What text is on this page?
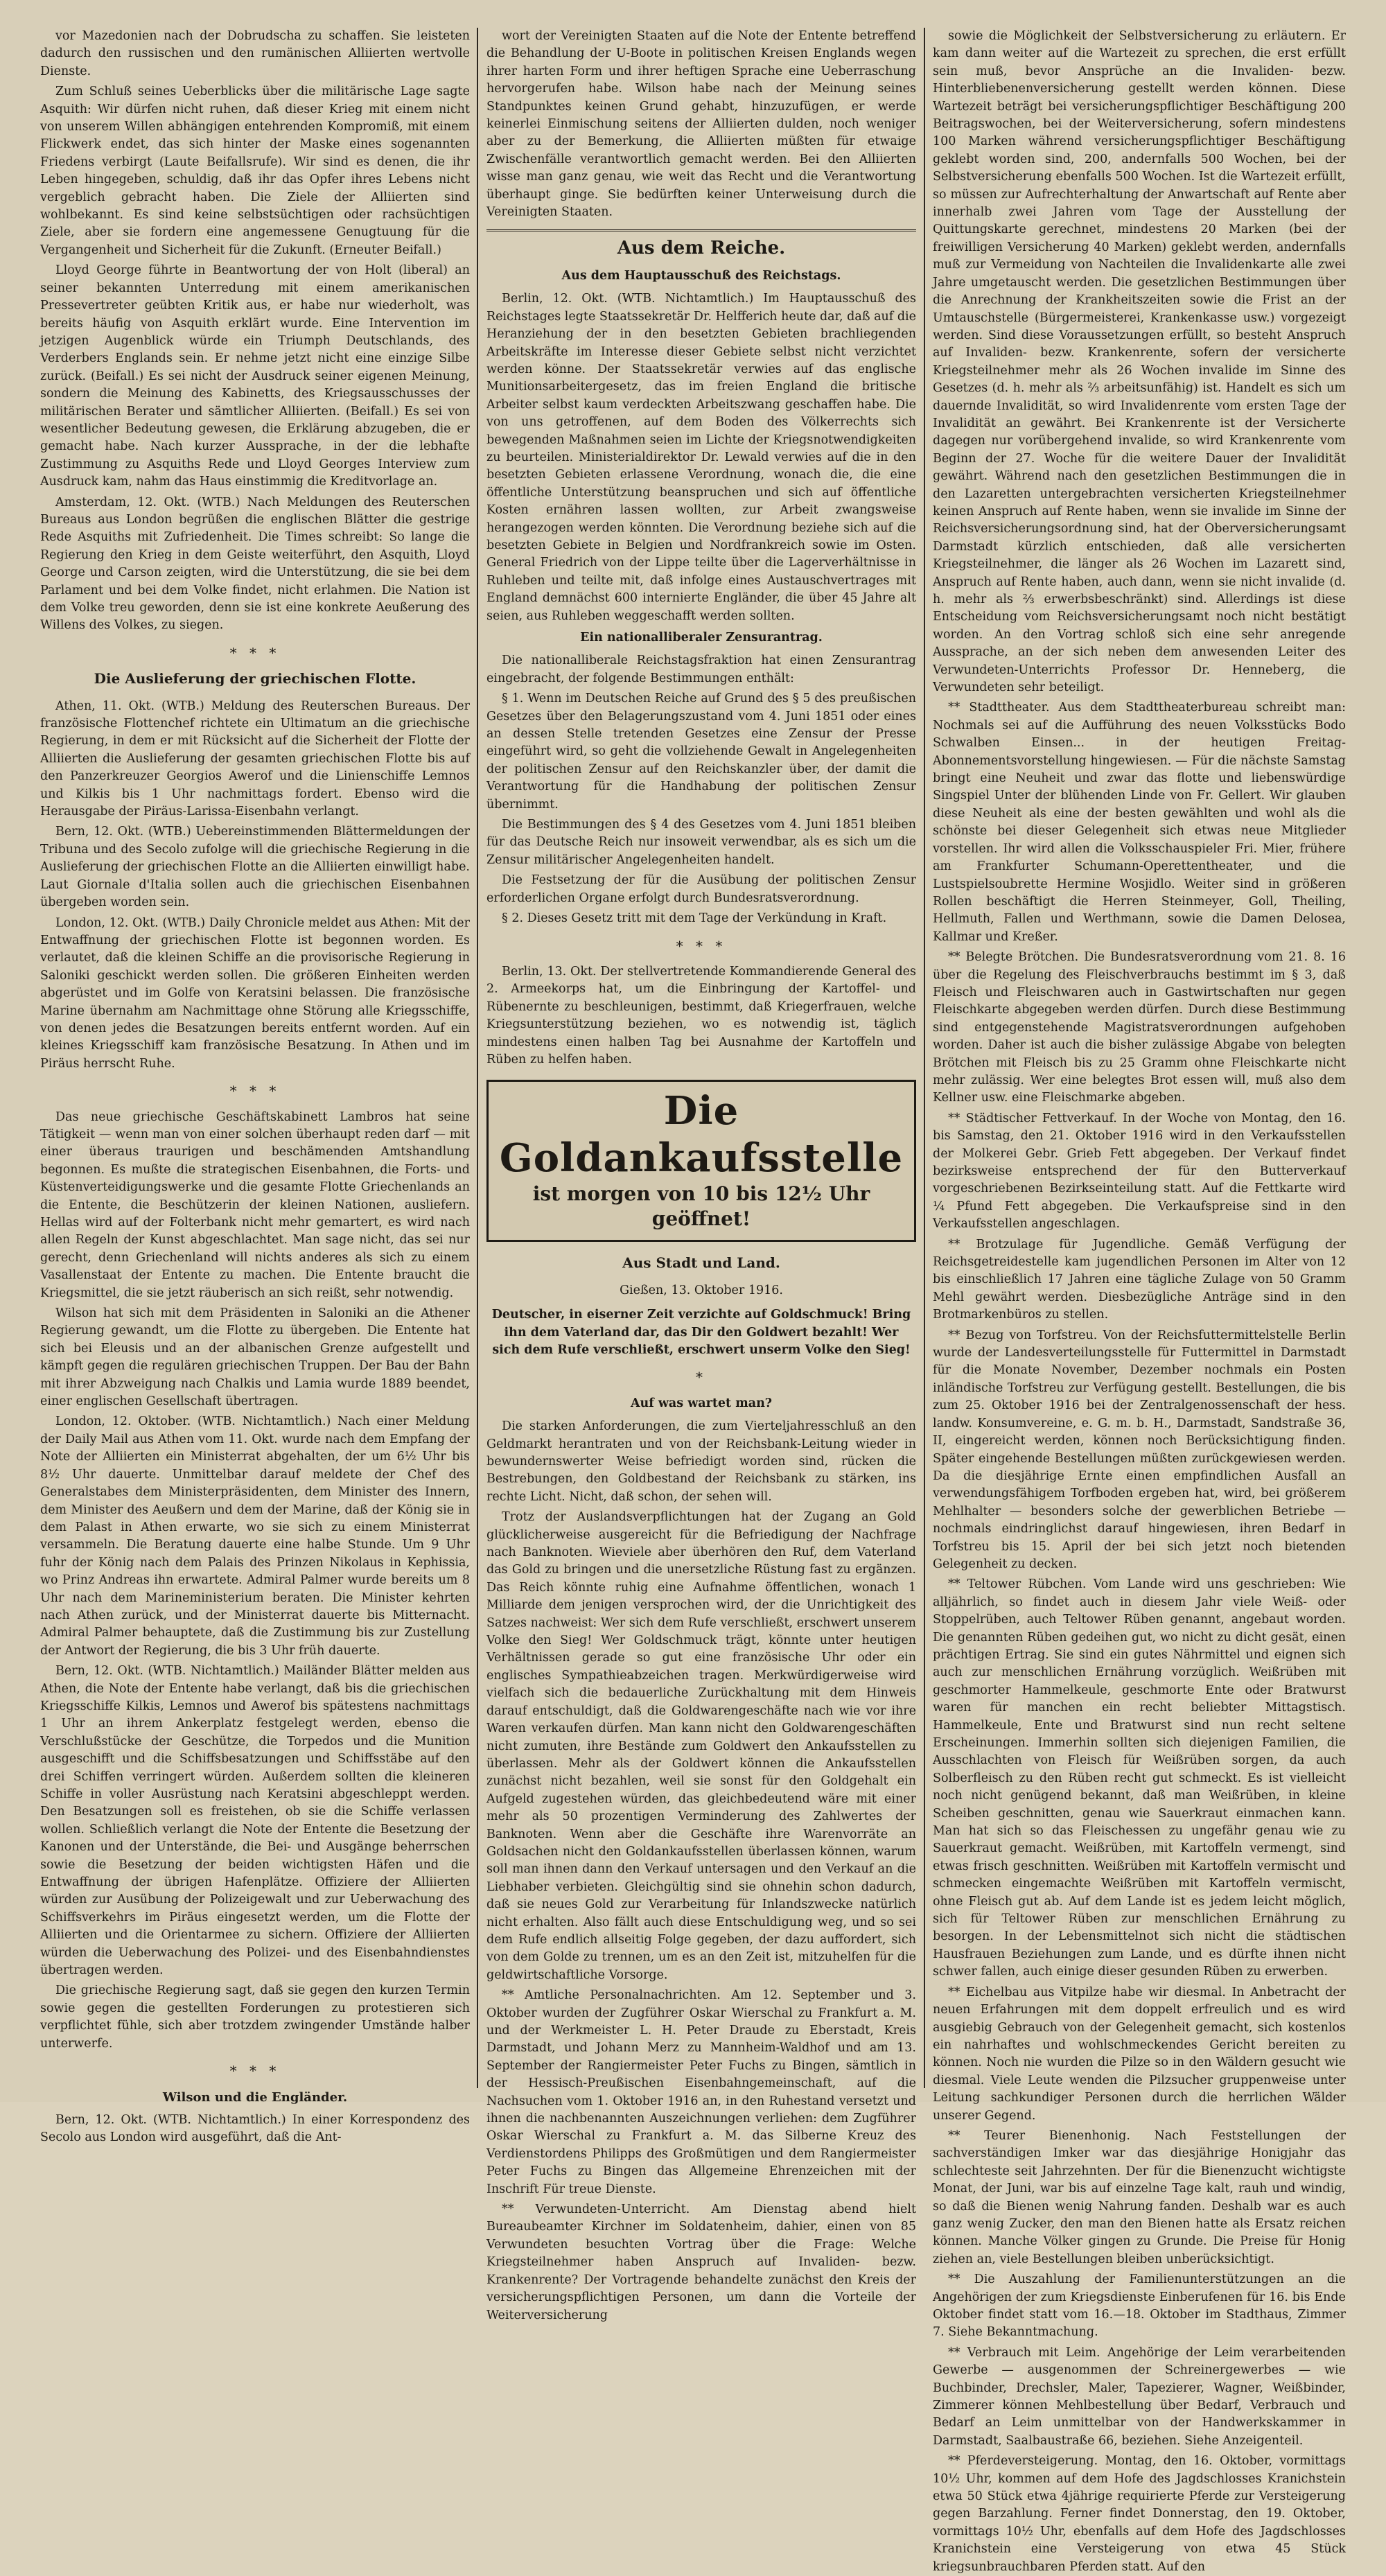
vor Mazedonien nach der Dobrudscha zu schaffen. Sie leisteten dadurch den russischen und den rumänischen Alliierten wertvolle Dienste.

Zum Schluß seines Ueberblicks über die militärische Lage sagte Asquith: Wir dürfen nicht ruhen, daß dieser Krieg mit einem nicht von unserem Willen abhängigen entehrenden Kompromiß, mit einem Flickwerk endet, das sich hinter der Maske eines sogenannten Friedens verbirgt (Laute Beifallsrufe). Wir sind es denen, die ihr Leben hingegeben, schuldig, daß ihr das Opfer ihres Lebens nicht vergeblich gebracht haben. Die Ziele der Alliierten sind wohlbekannt. Es sind keine selbstsüchtigen oder rachsüchtigen Ziele, aber sie fordern eine angemessene Genugtuung für die Vergangenheit und Sicherheit für die Zukunft. (Erneuter Beifall.)

Lloyd George führte in Beantwortung der von Holt (liberal) an seiner bekannten Unterredung mit einem amerikanischen Pressevertreter geübten Kritik aus, er habe nur wiederholt, was bereits häufig von Asquith erklärt wurde. Eine Intervention im jetzigen Augenblick würde ein Triumph Deutschlands, des Verderbers Englands sein. Er nehme jetzt nicht eine einzige Silbe zurück. (Beifall.) Es sei nicht der Ausdruck seiner eigenen Meinung, sondern die Meinung des Kabinetts, des Kriegsausschusses der militärischen Berater und sämtlicher Alliierten. (Beifall.) Es sei von wesentlicher Bedeutung gewesen, die Erklärung abzugeben, die er gemacht habe. Nach kurzer Aussprache, in der die lebhafte Zustimmung zu Asquiths Rede und Lloyd Georges Interview zum Ausdruck kam, nahm das Haus einstimmig die Kreditvorlage an.

Amsterdam, 12. Okt. (WTB.) Nach Meldungen des Reuterschen Bureaus aus London begrüßen die englischen Blätter die gestrige Rede Asquiths mit Zufriedenheit. Die Times schreibt: So lange die Regierung den Krieg in dem Geiste weiterführt, den Asquith, Lloyd George und Carson zeigten, wird die Unterstützung, die sie bei dem Parlament und bei dem Volke findet, nicht erlahmen. Die Nation ist dem Volke treu geworden, denn sie ist eine konkrete Aeußerung des Willens des Volkes, zu siegen.

* * *
Die Auslieferung der griechischen Flotte.

Athen, 11. Okt. (WTB.) Meldung des Reuterschen Bureaus. Der französische Flottenchef richtete ein Ultimatum an die griechische Regierung, in dem er mit Rücksicht auf die Sicherheit der Flotte der Alliierten die Auslieferung der gesamten griechischen Flotte bis auf den Panzerkreuzer Georgios Awerof und die Linienschiffe Lemnos und Kilkis bis 1 Uhr nachmittags fordert. Ebenso wird die Herausgabe der Piräus-Larissa-Eisenbahn verlangt.

Bern, 12. Okt. (WTB.) Uebereinstimmenden Blättermeldungen der Tribuna und des Secolo zufolge will die griechische Regierung in die Auslieferung der griechischen Flotte an die Alliierten einwilligt habe. Laut Giornale d'Italia sollen auch die griechischen Eisenbahnen übergeben worden sein.

London, 12. Okt. (WTB.) Daily Chronicle meldet aus Athen: Mit der Entwaffnung der griechischen Flotte ist begonnen worden. Es verlautet, daß die kleinen Schiffe an die provisorische Regierung in Saloniki geschickt werden sollen. Die größeren Einheiten werden abgerüstet und im Golfe von Keratsini belassen. Die französische Marine übernahm am Nachmittage ohne Störung alle Kriegsschiffe, von denen jedes die Besatzungen bereits entfernt worden. Auf ein kleines Kriegsschiff kam französische Besatzung. In Athen und im Piräus herrscht Ruhe.

* * *

Das neue griechische Geschäftskabinett Lambros hat seine Tätigkeit — wenn man von einer solchen überhaupt reden darf — mit einer überaus traurigen und beschämenden Amtshandlung begonnen. Es mußte die strategischen Eisenbahnen, die Forts- und Küstenverteidigungswerke und die gesamte Flotte Griechenlands an die Entente, die Beschützerin der kleinen Nationen, ausliefern. Hellas wird auf der Folterbank nicht mehr gemartert, es wird nach allen Regeln der Kunst abgeschlachtet. Man sage nicht, das sei nur gerecht, denn Griechenland will nichts anderes als sich zu einem Vasallenstaat der Entente zu machen. Die Entente braucht die Kriegsmittel, die sie jetzt räuberisch an sich reißt, sehr notwendig.

Wilson hat sich mit dem Präsidenten in Saloniki an die Athener Regierung gewandt, um die Flotte zu übergeben. Die Entente hat sich bei Eleusis und an der albanischen Grenze aufgestellt und kämpft gegen die regulären griechischen Truppen. Der Bau der Bahn mit ihrer Abzweigung nach Chalkis und Lamia wurde 1889 beendet, einer englischen Gesellschaft übertragen.

London, 12. Oktober. (WTB. Nichtamtlich.) Nach einer Meldung der Daily Mail aus Athen vom 11. Okt. wurde nach dem Empfang der Note der Alliierten ein Ministerrat abgehalten, der um 6½ Uhr bis 8½ Uhr dauerte. Unmittelbar darauf meldete der Chef des Generalstabes dem Ministerpräsidenten, dem Minister des Innern, dem Minister des Aeußern und dem der Marine, daß der König sie in dem Palast in Athen erwarte, wo sie sich zu einem Ministerrat versammeln. Die Beratung dauerte eine halbe Stunde. Um 9 Uhr fuhr der König nach dem Palais des Prinzen Nikolaus in Kephissia, wo Prinz Andreas ihn erwartete. Admiral Palmer wurde bereits um 8 Uhr nach dem Marineministerium beraten. Die Minister kehrten nach Athen zurück, und der Ministerrat dauerte bis Mitternacht. Admiral Palmer behauptete, daß die Zustimmung bis zur Zustellung der Antwort der Regierung, die bis 3 Uhr früh dauerte.

Bern, 12. Okt. (WTB. Nichtamtlich.) Mailänder Blätter melden aus Athen, die Note der Entente habe verlangt, daß bis die griechischen Kriegsschiffe Kilkis, Lemnos und Awerof bis spätestens nachmittags 1 Uhr an ihrem Ankerplatz festgelegt werden, ebenso die Verschlußstücke der Geschütze, die Torpedos und die Munition ausgeschifft und die Schiffsbesatzungen und Schiffsstäbe auf den drei Schiffen verringert würden. Außerdem sollten die kleineren Schiffe in voller Ausrüstung nach Keratsini abgeschleppt werden. Den Besatzungen soll es freistehen, ob sie die Schiffe verlassen wollen. Schließlich verlangt die Note der Entente die Besetzung der Kanonen und der Unterstände, die Bei- und Ausgänge beherrschen sowie die Besetzung der beiden wichtigsten Häfen und die Entwaffnung der übrigen Hafenplätze. Offiziere der Alliierten würden zur Ausübung der Polizeigewalt und zur Ueberwachung des Schiffsverkehrs im Piräus eingesetzt werden, um die Flotte der Alliierten und die Orientarmee zu sichern. Offiziere der Alliierten würden die Ueberwachung des Polizei- und des Eisenbahndienstes übertragen werden.

Die griechische Regierung sagt, daß sie gegen den kurzen Termin sowie gegen die gestellten Forderungen zu protestieren sich verpflichtet fühle, sich aber trotzdem zwingender Umstände halber unterwerfe.

* * *
Wilson und die Engländer.

Bern, 12. Okt. (WTB. Nichtamtlich.) In einer Korrespondenz des Secolo aus London wird ausgeführt, daß die Ant-

wort der Vereinigten Staaten auf die Note der Entente betreffend die Behandlung der U-Boote in politischen Kreisen Englands wegen ihrer harten Form und ihrer heftigen Sprache eine Ueberraschung hervorgerufen habe. Wilson habe nach der Meinung seines Standpunktes keinen Grund gehabt, hinzuzufügen, er werde keinerlei Einmischung seitens der Alliierten dulden, noch weniger aber zu der Bemerkung, die Alliierten müßten für etwaige Zwischenfälle verantwortlich gemacht werden. Bei den Alliierten wisse man ganz genau, wie weit das Recht und die Verantwortung überhaupt ginge. Sie bedürften keiner Unterweisung durch die Vereinigten Staaten.

Aus dem Reiche.
Aus dem Hauptausschuß des Reichstags.

Berlin, 12. Okt. (WTB. Nichtamtlich.) Im Hauptausschuß des Reichstages legte Staatssekretär Dr. Helfferich heute dar, daß auf die Heranziehung der in den besetzten Gebieten brachliegenden Arbeitskräfte im Interesse dieser Gebiete selbst nicht verzichtet werden könne. Der Staatssekretär verwies auf das englische Munitionsarbeitergesetz, das im freien England die britische Arbeiter selbst kaum verdeckten Arbeitszwang geschaffen habe. Die von uns getroffenen, auf dem Boden des Völkerrechts sich bewegenden Maßnahmen seien im Lichte der Kriegsnotwendigkeiten zu beurteilen. Ministerialdirektor Dr. Lewald verwies auf die in den besetzten Gebieten erlassene Verordnung, wonach die, die eine öffentliche Unterstützung beanspruchen und sich auf öffentliche Kosten ernähren lassen wollten, zur Arbeit zwangsweise herangezogen werden könnten. Die Verordnung beziehe sich auf die besetzten Gebiete in Belgien und Nordfrankreich sowie im Osten. General Friedrich von der Lippe teilte über die Lagerverhältnisse in Ruhleben und teilte mit, daß infolge eines Austauschvertrages mit England demnächst 600 internierte Engländer, die über 45 Jahre alt seien, aus Ruhleben weggeschafft werden sollten.

Ein nationalliberaler Zensurantrag.

Die nationalliberale Reichstagsfraktion hat einen Zensurantrag eingebracht, der folgende Bestimmungen enthält:

§ 1. Wenn im Deutschen Reiche auf Grund des § 5 des preußischen Gesetzes über den Belagerungszustand vom 4. Juni 1851 oder eines an dessen Stelle tretenden Gesetzes eine Zensur der Presse eingeführt wird, so geht die vollziehende Gewalt in Angelegenheiten der politischen Zensur auf den Reichskanzler über, der damit die Verantwortung für die Handhabung der politischen Zensur übernimmt.

Die Bestimmungen des § 4 des Gesetzes vom 4. Juni 1851 bleiben für das Deutsche Reich nur insoweit verwendbar, als es sich um die Zensur militärischer Angelegenheiten handelt.

Die Festsetzung der für die Ausübung der politischen Zensur erforderlichen Organe erfolgt durch Bundesratsverordnung.

§ 2. Dieses Gesetz tritt mit dem Tage der Verkündung in Kraft.

* * *

Berlin, 13. Okt. Der stellvertretende Kommandierende General des 2. Armeekorps hat, um die Einbringung der Kartoffel- und Rübenernte zu beschleunigen, bestimmt, daß Kriegerfrauen, welche Kriegsunterstützung beziehen, wo es notwendig ist, täglich mindestens einen halben Tag bei Ausnahme der Kartoffeln und Rüben zu helfen haben.

Die Goldankaufsstelle
ist morgen von 10 bis 12½ Uhr geöffnet!
Aus Stadt und Land.
Gießen, 13. Oktober 1916.
Deutscher, in eiserner Zeit verzichte auf Goldschmuck! Bring ihn dem Vaterland dar, das Dir den Goldwert bezahlt! Wer sich dem Rufe verschließt, erschwert unserm Volke den Sieg!
*
Auf was wartet man?

Die starken Anforderungen, die zum Vierteljahresschluß an den Geldmarkt herantraten und von der Reichsbank-Leitung wieder in bewundernswerter Weise befriedigt worden sind, rücken die Bestrebungen, den Goldbestand der Reichsbank zu stärken, ins rechte Licht. Nicht, daß schon, der sehen will.

Trotz der Auslandsverpflichtungen hat der Zugang an Gold glücklicherweise ausgereicht für die Befriedigung der Nachfrage nach Banknoten. Wieviele aber überhören den Ruf, dem Vaterland das Gold zu bringen und die unersetzliche Rüstung fast zu ergänzen. Das Reich könnte ruhig eine Aufnahme öffentlichen, wonach 1 Milliarde dem jenigen versprochen wird, der die Unrichtigkeit des Satzes nachweist: Wer sich dem Rufe verschließt, erschwert unserem Volke den Sieg! Wer Goldschmuck trägt, könnte unter heutigen Verhältnissen gerade so gut eine französische Uhr oder ein englisches Sympathieabzeichen tragen. Merkwürdigerweise wird vielfach sich die bedauerliche Zurückhaltung mit dem Hinweis darauf entschuldigt, daß die Goldwarengeschäfte nach wie vor ihre Waren verkaufen dürfen. Man kann nicht den Goldwarengeschäften nicht zumuten, ihre Bestände zum Goldwert den Ankaufsstellen zu überlassen. Mehr als der Goldwert können die Ankaufsstellen zunächst nicht bezahlen, weil sie sonst für den Goldgehalt ein Aufgeld zugestehen würden, das gleichbedeutend wäre mit einer mehr als 50 prozentigen Verminderung des Zahlwertes der Banknoten. Wenn aber die Geschäfte ihre Warenvorräte an Goldsachen nicht den Goldankaufsstellen überlassen können, warum soll man ihnen dann den Verkauf untersagen und den Verkauf an die Liebhaber verbieten. Gleichgültig sind sie ohnehin schon dadurch, daß sie neues Gold zur Verarbeitung für Inlandszwecke natürlich nicht erhalten. Also fällt auch diese Entschuldigung weg, und so sei dem Rufe endlich allseitig Folge gegeben, der dazu auffordert, sich von dem Golde zu trennen, um es an den Zeit ist, mitzuhelfen für die geldwirtschaftliche Vorsorge.

** Amtliche Personalnachrichten. Am 12. September und 3. Oktober wurden der Zugführer Oskar Wierschal zu Frankfurt a. M. und der Werkmeister L. H. Peter Draude zu Eberstadt, Kreis Darmstadt, und Johann Merz zu Mannheim-Waldhof und am 13. September der Rangiermeister Peter Fuchs zu Bingen, sämtlich in der Hessisch-Preußischen Eisenbahngemeinschaft, auf die Nachsuchen vom 1. Oktober 1916 an, in den Ruhestand versetzt und ihnen die nachbenannten Auszeichnungen verliehen: dem Zugführer Oskar Wierschal zu Frankfurt a. M. das Silberne Kreuz des Verdienstordens Philipps des Großmütigen und dem Rangiermeister Peter Fuchs zu Bingen das Allgemeine Ehrenzeichen mit der Inschrift Für treue Dienste.

** Verwundeten-Unterricht. Am Dienstag abend hielt Bureaubeamter Kirchner im Soldatenheim, dahier, einen von 85 Verwundeten besuchten Vortrag über die Frage: Welche Kriegsteilnehmer haben Anspruch auf Invaliden- bezw. Krankenrente? Der Vortragende behandelte zunächst den Kreis der versicherungspflichtigen Personen, um dann die Vorteile der Weiterversicherung

sowie die Möglichkeit der Selbstversicherung zu erläutern. Er kam dann weiter auf die Wartezeit zu sprechen, die erst erfüllt sein muß, bevor Ansprüche an die Invaliden- bezw. Hinterbliebenenversicherung gestellt werden können. Diese Wartezeit beträgt bei versicherungspflichtiger Beschäftigung 200 Beitragswochen, bei der Weiterversicherung, sofern mindestens 100 Marken während versicherungspflichtiger Beschäftigung geklebt worden sind, 200, andernfalls 500 Wochen, bei der Selbstversicherung ebenfalls 500 Wochen. Ist die Wartezeit erfüllt, so müssen zur Aufrechterhaltung der Anwartschaft auf Rente aber innerhalb zwei Jahren vom Tage der Ausstellung der Quittungskarte gerechnet, mindestens 20 Marken (bei der freiwilligen Versicherung 40 Marken) geklebt werden, andernfalls muß zur Vermeidung von Nachteilen die Invalidenkarte alle zwei Jahre umgetauscht werden. Die gesetzlichen Bestimmungen über die Anrechnung der Krankheitszeiten sowie die Frist an der Umtauschstelle (Bürgermeisterei, Krankenkasse usw.) vorgezeigt werden. Sind diese Voraussetzungen erfüllt, so besteht Anspruch auf Invaliden- bezw. Krankenrente, sofern der versicherte Kriegsteilnehmer mehr als 26 Wochen invalide im Sinne des Gesetzes (d. h. mehr als ⅔ arbeitsunfähig) ist. Handelt es sich um dauernde Invalidität, so wird Invalidenrente vom ersten Tage der Invalidität an gewährt. Bei Krankenrente ist der Versicherte dagegen nur vorübergehend invalide, so wird Krankenrente vom Beginn der 27. Woche für die weitere Dauer der Invalidität gewährt. Während nach den gesetzlichen Bestimmungen die in den Lazaretten untergebrachten versicherten Kriegsteilnehmer keinen Anspruch auf Rente haben, wenn sie invalide im Sinne der Reichsversicherungsordnung sind, hat der Oberversicherungsamt Darmstadt kürzlich entschieden, daß alle versicherten Kriegsteilnehmer, die länger als 26 Wochen im Lazarett sind, Anspruch auf Rente haben, auch dann, wenn sie nicht invalide (d. h. mehr als ⅔ erwerbsbeschränkt) sind. Allerdings ist diese Entscheidung vom Reichsversicherungsamt noch nicht bestätigt worden. An den Vortrag schloß sich eine sehr anregende Aussprache, an der sich neben dem anwesenden Leiter des Verwundeten-Unterrichts Professor Dr. Henneberg, die Verwundeten sehr beteiligt.

** Stadttheater. Aus dem Stadttheaterbureau schreibt man: Nochmals sei auf die Aufführung des neuen Volksstücks Bodo Schwalben Einsen... in der heutigen Freitag-Abonnementsvorstellung hingewiesen. — Für die nächste Samstag bringt eine Neuheit und zwar das flotte und liebenswürdige Singspiel Unter der blühenden Linde von Fr. Gellert. Wir glauben diese Neuheit als eine der besten gewählten und wohl als die schönste bei dieser Gelegenheit sich etwas neue Mitglieder vorstellen. Ihr wird allen die Volksschauspieler Fri. Mier, frühere am Frankfurter Schumann-Operettentheater, und die Lustspielsoubrette Hermine Wosjidlo. Weiter sind in größeren Rollen beschäftigt die Herren Steinmeyer, Goll, Theiling, Hellmuth, Fallen und Werthmann, sowie die Damen Delosea, Kallmar und Kreßer.

** Belegte Brötchen. Die Bundesratsverordnung vom 21. 8. 16 über die Regelung des Fleischverbrauchs bestimmt im § 3, daß Fleisch und Fleischwaren auch in Gastwirtschaften nur gegen Fleischkarte abgegeben werden dürfen. Durch diese Bestimmung sind entgegenstehende Magistratsverordnungen aufgehoben worden. Daher ist auch die bisher zulässige Abgabe von belegten Brötchen mit Fleisch bis zu 25 Gramm ohne Fleischkarte nicht mehr zulässig. Wer eine belegtes Brot essen will, muß also dem Kellner usw. eine Fleischmarke abgeben.

** Städtischer Fettverkauf. In der Woche von Montag, den 16. bis Samstag, den 21. Oktober 1916 wird in den Verkaufsstellen der Molkerei Gebr. Grieb Fett abgegeben. Der Verkauf findet bezirksweise entsprechend der für den Butterverkauf vorgeschriebenen Bezirkseinteilung statt. Auf die Fettkarte wird ¼ Pfund Fett abgegeben. Die Verkaufspreise sind in den Verkaufsstellen angeschlagen.

** Brotzulage für Jugendliche. Gemäß Verfügung der Reichsgetreidestelle kam jugendlichen Personen im Alter von 12 bis einschließlich 17 Jahren eine tägliche Zulage von 50 Gramm Mehl gewährt werden. Diesbezügliche Anträge sind in den Brotmarkenbüros zu stellen.

** Bezug von Torfstreu. Von der Reichsfuttermittelstelle Berlin wurde der Landesverteilungsstelle für Futtermittel in Darmstadt für die Monate November, Dezember nochmals ein Posten inländische Torfstreu zur Verfügung gestellt. Bestellungen, die bis zum 25. Oktober 1916 bei der Zentralgenossenschaft der hess. landw. Konsumvereine, e. G. m. b. H., Darmstadt, Sandstraße 36, II, eingereicht werden, können noch Berücksichtigung finden. Später eingehende Bestellungen müßten zurückgewiesen werden. Da die diesjährige Ernte einen empfindlichen Ausfall an verwendungsfähigem Torfboden ergeben hat, wird, bei größerem Mehlhalter — besonders solche der gewerblichen Betriebe — nochmals eindringlichst darauf hingewiesen, ihren Bedarf in Torfstreu bis 15. April der bei sich jetzt noch bietenden Gelegenheit zu decken.

** Teltower Rübchen. Vom Lande wird uns geschrieben: Wie alljährlich, so findet auch in diesem Jahr viele Weiß- oder Stoppelrüben, auch Teltower Rüben genannt, angebaut worden. Die genannten Rüben gedeihen gut, wo nicht zu dicht gesät, einen prächtigen Ertrag. Sie sind ein gutes Nährmittel und eignen sich auch zur menschlichen Ernährung vorzüglich. Weißrüben mit geschmorter Hammelkeule, geschmorte Ente oder Bratwurst waren für manchen ein recht beliebter Mittagstisch. Hammelkeule, Ente und Bratwurst sind nun recht seltene Erscheinungen. Immerhin sollten sich diejenigen Familien, die Ausschlachten von Fleisch für Weißrüben sorgen, da auch Solberfleisch zu den Rüben recht gut schmeckt. Es ist vielleicht noch nicht genügend bekannt, daß man Weißrüben, in kleine Scheiben geschnitten, genau wie Sauerkraut einmachen kann. Man hat sich so das Fleischessen zu ungefähr genau wie zu Sauerkraut gemacht. Weißrüben, mit Kartoffeln vermengt, sind etwas frisch geschnitten. Weißrüben mit Kartoffeln vermischt und schmecken eingemachte Weißrüben mit Kartoffeln vermischt, ohne Fleisch gut ab. Auf dem Lande ist es jedem leicht möglich, sich für Teltower Rüben zur menschlichen Ernährung zu besorgen. In der Lebensmittelnot sich nicht die städtischen Hausfrauen Beziehungen zum Lande, und es dürfte ihnen nicht schwer fallen, auch einige dieser gesunden Rüben zu erwerben.

** Eichelbau aus Vitpilze habe wir diesmal. In Anbetracht der neuen Erfahrungen mit dem doppelt erfreulich und es wird ausgiebig Gebrauch von der Gelegenheit gemacht, sich kostenlos ein nahrhaftes und wohlschmeckendes Gericht bereiten zu können. Noch nie wurden die Pilze so in den Wäldern gesucht wie diesmal. Viele Leute wenden die Pilzsucher gruppenweise unter Leitung sachkundiger Personen durch die herrlichen Wälder unserer Gegend.

** Teurer Bienenhonig. Nach Feststellungen der sachverständigen Imker war das diesjährige Honigjahr das schlechteste seit Jahrzehnten. Der für die Bienenzucht wichtigste Monat, der Juni, war bis auf einzelne Tage kalt, rauh und windig, so daß die Bienen wenig Nahrung fanden. Deshalb war es auch ganz wenig Zucker, den man den Bienen hatte als Ersatz reichen können. Manche Völker gingen zu Grunde. Die Preise für Honig ziehen an, viele Bestellungen bleiben unberücksichtigt.

** Die Auszahlung der Familienunterstützungen an die Angehörigen der zum Kriegsdienste Einberufenen für 16. bis Ende Oktober findet statt vom 16.—18. Oktober im Stadthaus, Zimmer 7. Siehe Bekanntmachung.

** Verbrauch mit Leim. Angehörige der Leim verarbeitenden Gewerbe — ausgenommen der Schreinergewerbes — wie Buchbinder, Drechsler, Maler, Tapezierer, Wagner, Weißbinder, Zimmerer können Mehlbestellung über Bedarf, Verbrauch und Bedarf an Leim unmittelbar von der Handwerkskammer in Darmstadt, Saalbaustraße 66, beziehen. Siehe Anzeigenteil.

** Pferdeversteigerung. Montag, den 16. Oktober, vormittags 10½ Uhr, kommen auf dem Hofe des Jagdschlosses Kranichstein etwa 50 Stück etwa 4jährige requirierte Pferde zur Versteigerung gegen Barzahlung. Ferner findet Donnerstag, den 19. Oktober, vormittags 10½ Uhr, ebenfalls auf dem Hofe des Jagdschlosses Kranichstein eine Versteigerung von etwa 45 Stück kriegsunbrauchbaren Pferden statt. Auf den
